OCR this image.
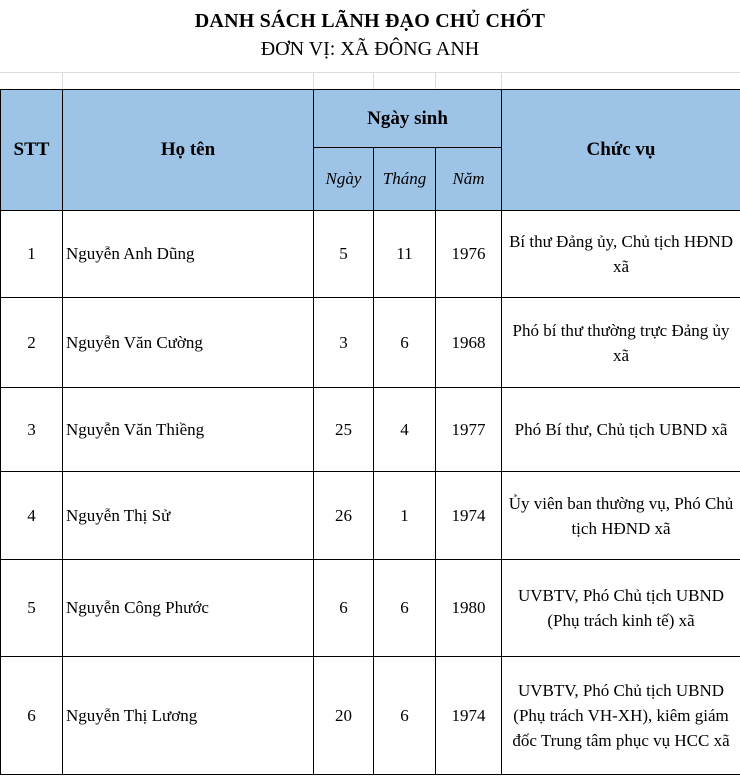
DANH SÁCH LÃNH ĐẠO CHỦ CHỐT
ĐƠN VỊ: XÃ ĐÔNG ANH
STT	Họ tên	Ngày sinh			Chức vụ
		Ngày	Tháng	Năm	
1	Nguyễn Anh Dũng	5	11	1976	Bí thư Đảng ủy, Chủ tịch HĐND xã
2	Nguyễn Văn Cường	3	6	1968	Phó bí thư thường trực Đảng ủy xã
3	Nguyễn Văn Thiềng	25	4	1977	Phó Bí thư, Chủ tịch UBND xã
4	Nguyễn Thị Sử	26	1	1974	Ủy viên ban thường vụ, Phó Chủ tịch HĐND xã
5	Nguyễn Công Phước	6	6	1980	UVBTV, Phó Chủ tịch UBND (Phụ trách kinh tế) xã
6	Nguyễn Thị Lương	20	6	1974	UVBTV, Phó Chủ tịch UBND (Phụ trách VH-XH), kiêm giám đốc Trung tâm phục vụ HCC xã
